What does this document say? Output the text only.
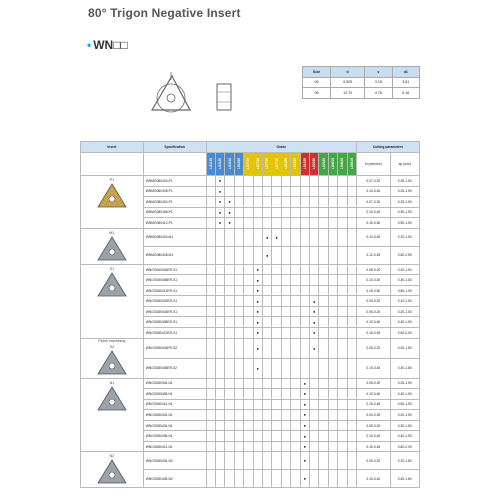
80° Trigon Negative Insert
• WN□□
Size	d	s	d1
06	9.525	3.18	3.81
08	12.70	4.76	5.16
Insert	Specification	Grade																Cutting parameters	
		LS1135	LS1125	LS1100	LS1000	LS7715	LS7720	LS7725	LS7710	LS1005	LS1015	LS1025	LS2035	LS2025	LS4015	LS4025	LS9015	fn (mm/rev)	ap (mm)

P1	WNMG060404-P1		●															0.07-0.20	0.25-1.50
	WNMG060408-P1		●															0.10-0.40	0.30-1.50
	WNMG080404-P1		●	●														0.07-0.20	0.25-1.50
	WNMG080408-P1		●	●														0.10-0.40	0.30-1.50
	WNMG080412-P1		●	●														0.15-0.50	0.50-1.50

M1	WNMG080404-M1							●	●									0.10-0.40	0.20-1.50
	WNMG080408-M1							●										0.12-0.45	0.60-2.50

S1	WNGG060404ER-S1						●											0.05-0.20	0.20-1.50
	WNGG060408ER-S1						●											0.10-0.40	0.40-1.50
	WNGG060412ER-S1						●											0.15-0.50	0.60-1.50
	WNGG080402ER-S1						●						●					0.03-0.20	0.10-1.50
	WNGG080404ER-S1						●						●					0.05-0.20	0.20-1.50
	WNGG080408ER-S1						●						●					0.10-0.40	0.40-1.50
	WNGG080412ER-S1						●						●					0.15-0.45	0.60-2.00

Finish machining
S2	WNGG080404ER-S2						●						●					0.05-0.20	0.20-1.80
	WNGG080408ER-S2						●											0.10-0.40	0.40-1.80

N1	WNGG060404-N1											●						0.05-0.20	0.30-1.50
	WNGG060408-N1											●						0.10-0.40	0.40-1.50
	WNGG060412-N1											●						0.15-0.45	0.50-1.50
	WNGG080402-N1											●						0.03-0.25	0.20-1.50
	WNGG080404-N1											●						0.05-0.20	0.30-1.50
	WNGG080408-N1											●						0.10-0.40	0.40-1.50
	WNGG080412-N1											●						0.15-0.45	0.60-2.00

N2	WNGG080404-N2											●						0.05-0.20	0.20-1.80
	WNGG080408-N2											●						0.10-0.40	0.40-1.80
